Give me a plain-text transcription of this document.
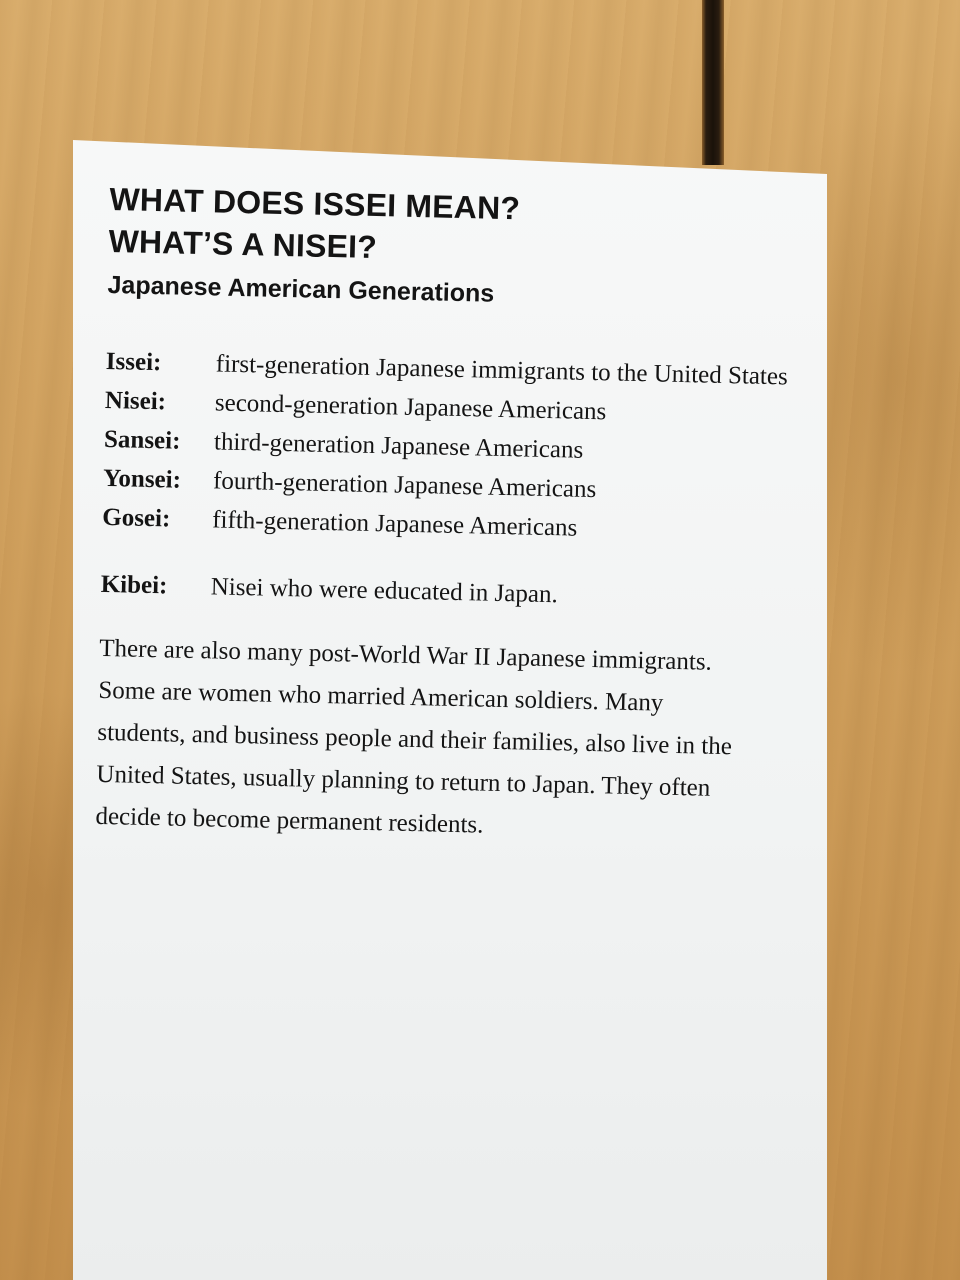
WHAT DOES ISSEI MEAN?
WHAT’S A NISEI?
Japanese American Generations
Issei:	first-generation Japanese immigrants to the United States
Nisei:	second-generation Japanese Americans
Sansei:	third-generation Japanese Americans
Yonsei:	fourth-generation Japanese Americans
Gosei:	fifth-generation Japanese Americans
Kibei:	Nisei who were educated in Japan.

There are also many post-World War II Japanese immigrants. Some are women who married American soldiers. Many students, and business people and their families, also live in the United States, usually planning to return to Japan. They often decide to become permanent residents.
